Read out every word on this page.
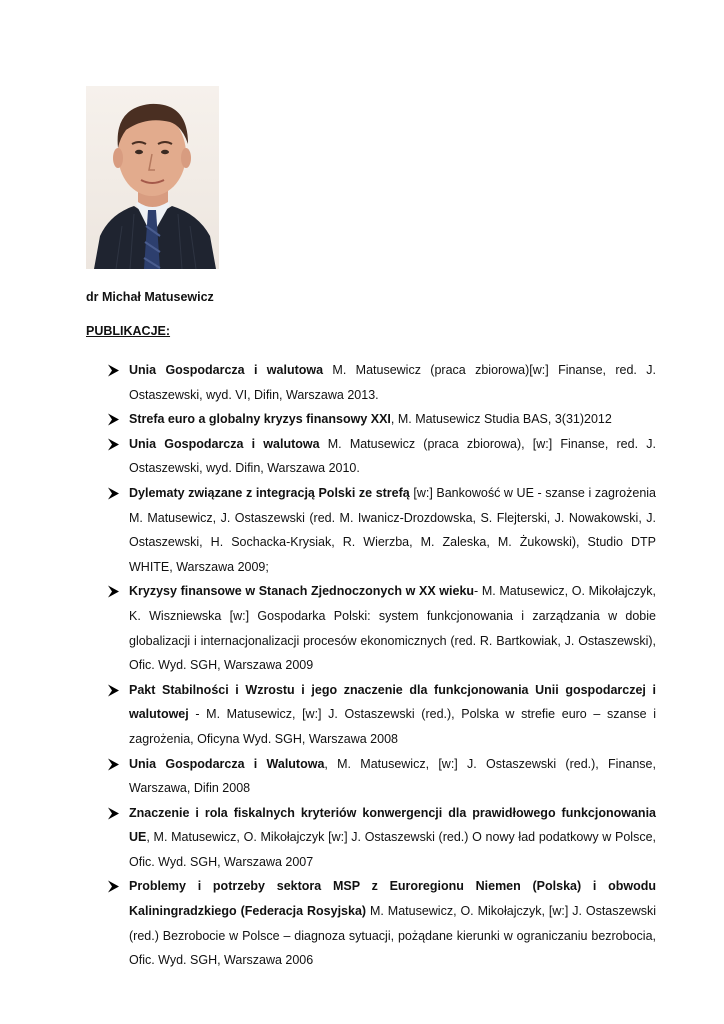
dr Michał Matusewicz
PUBLIKACJE:
Unia Gospodarcza i walutowa M. Matusewicz (praca zbiorowa)[w:] Finanse, red. J. Ostaszewski, wyd. VI, Difin, Warszawa 2013.
Strefa euro a globalny kryzys finansowy XXI, M. Matusewicz Studia BAS, 3(31)2012
Unia Gospodarcza i walutowa M. Matusewicz (praca zbiorowa), [w:] Finanse, red. J. Ostaszewski, wyd. Difin, Warszawa 2010.
Dylematy związane z integracją Polski ze strefą [w:] Bankowość w UE - szanse i zagrożenia M. Matusewicz, J. Ostaszewski (red. M. Iwanicz-Drozdowska, S. Flejterski, J. Nowakowski, J. Ostaszewski, H. Sochacka-Krysiak, R. Wierzba, M. Zaleska, M. Żukowski), Studio DTP WHITE, Warszawa 2009;
Kryzysy finansowe w Stanach Zjednoczonych w XX wieku- M. Matusewicz, O. Mikołajczyk, K. Wiszniewska [w:] Gospodarka Polski: system funkcjonowania i zarządzania w dobie globalizacji i internacjonalizacji procesów ekonomicznych (red. R. Bartkowiak, J. Ostaszewski), Ofic. Wyd. SGH, Warszawa 2009
Pakt Stabilności i Wzrostu i jego znaczenie dla funkcjonowania Unii gospodarczej i walutowej - M. Matusewicz, [w:] J. Ostaszewski (red.), Polska w strefie euro – szanse i zagrożenia, Oficyna Wyd. SGH, Warszawa 2008
Unia Gospodarcza i Walutowa, M. Matusewicz, [w:] J. Ostaszewski (red.), Finanse, Warszawa, Difin 2008
Znaczenie i rola fiskalnych kryteriów konwergencji dla prawidłowego funkcjonowania UE, M. Matusewicz, O. Mikołajczyk [w:] J. Ostaszewski (red.) O nowy ład podatkowy w Polsce, Ofic. Wyd. SGH, Warszawa 2007
Problemy i potrzeby sektora MSP z Euroregionu Niemen (Polska) i obwodu Kaliningradzkiego (Federacja Rosyjska) M. Matusewicz, O. Mikołajczyk, [w:] J. Ostaszewski (red.) Bezrobocie w Polsce – diagnoza sytuacji, pożądane kierunki w ograniczaniu bezrobocia, Ofic. Wyd. SGH, Warszawa 2006
